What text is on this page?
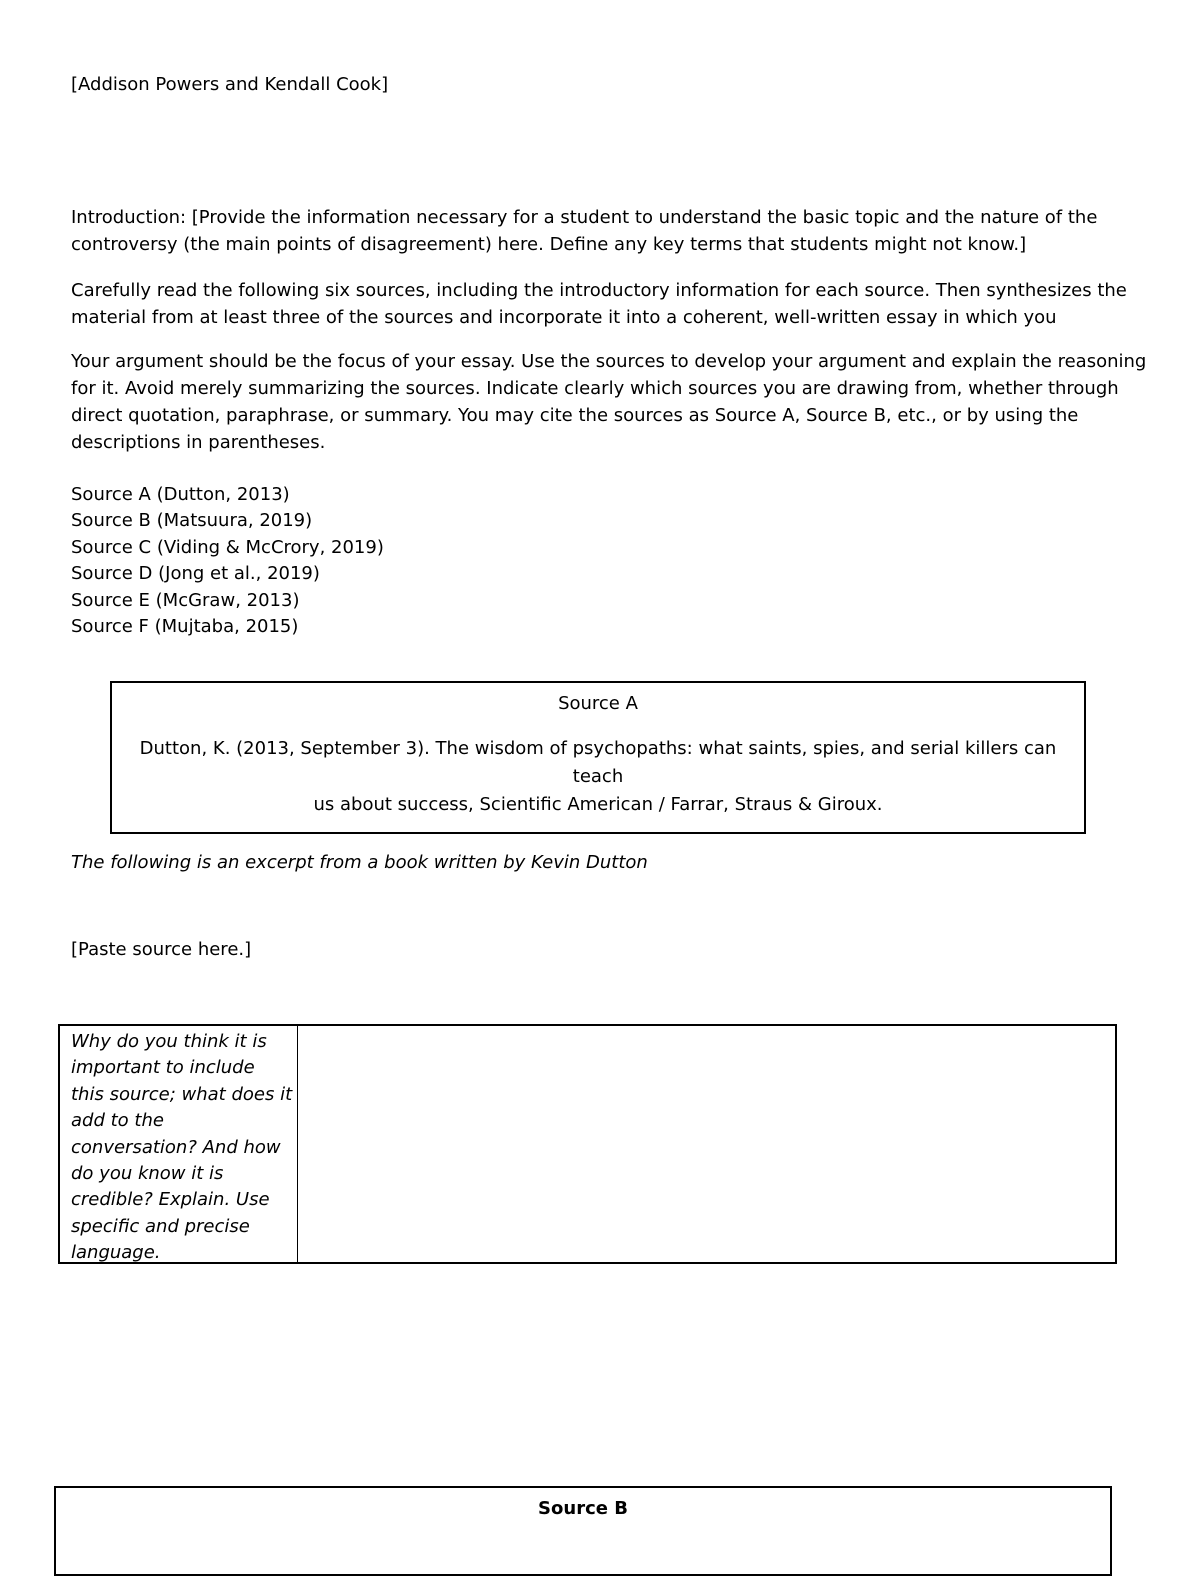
[Addison Powers and Kendall Cook]
Introduction: [Provide the information necessary for a student to understand the basic topic and the nature of the
controversy (the main points of disagreement) here. Define any key terms that students might not know.]
Carefully read the following six sources, including the introductory information for each source. Then synthesizes the
material from at least three of the sources and incorporate it into a coherent, well-written essay in which you
Your argument should be the focus of your essay. Use the sources to develop your argument and explain the reasoning
for it. Avoid merely summarizing the sources. Indicate clearly which sources you are drawing from, whether through
direct quotation, paraphrase, or summary. You may cite the sources as Source A, Source B, etc., or by using the
descriptions in parentheses.
Source A (Dutton, 2013)
Source B (Matsuura, 2019)
Source C (Viding & McCrory, 2019)
Source D (Jong et al., 2019)
Source E (McGraw, 2013)
Source F (Mujtaba, 2015)
Source A
Dutton, K. (2013, September 3). The wisdom of psychopaths: what saints, spies, and serial killers can teach
us about success, Scientific American / Farrar, Straus & Giroux.
The following is an excerpt from a book written by Kevin Dutton
[Paste source here.]
Why do you think it is
important to include
this source; what does it
add to the
conversation? And how
do you know it is
credible? Explain. Use
specific and precise
language.
Source B
